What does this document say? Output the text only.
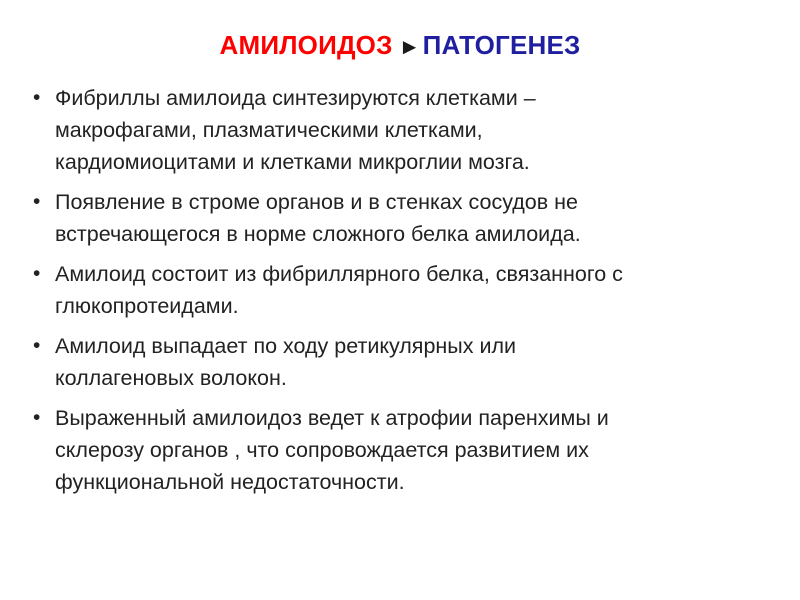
АМИЛОИДОЗ ►ПАТОГЕНЕЗ
• Фибриллы амилоида синтезируются клетками –
макрофагами, плазматическими клетками,
кардиомиоцитами и клетками микроглии мозга.
• Появление в строме органов и в стенках сосудов не
встречающегося в норме сложного белка амилоида.
• Амилоид состоит из фибриллярного белка, связанного с
глюкопротеидами.
• Амилоид выпадает по ходу ретикулярных или
коллагеновых волокон.
• Выраженный амилоидоз ведет к атрофии паренхимы и
склерозу органов , что сопровождается развитием их
функциональной недостаточности.
